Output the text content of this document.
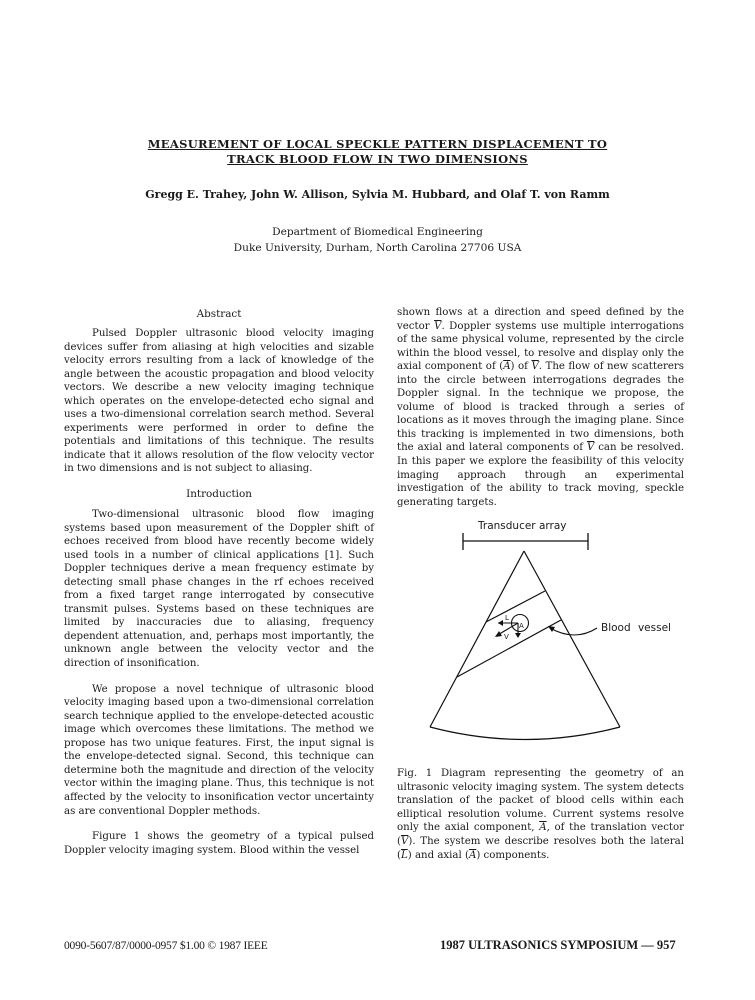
MEASUREMENT OF LOCAL SPECKLE PATTERN DISPLACEMENT TO
TRACK BLOOD FLOW IN TWO DIMENSIONS
Gregg E. Trahey, John W. Allison, Sylvia M. Hubbard, and Olaf T. von Ramm
Department of Biomedical Engineering
Duke University, Durham, North Carolina 27706 USA
Abstract
Pulsed Doppler ultrasonic blood velocity imaging devices suffer from aliasing at high velocities and sizable velocity errors resulting from a lack of knowledge of the angle between the acoustic propagation and blood velocity vectors. We describe a new velocity imaging technique which operates on the envelope-detected echo signal and uses a two-dimensional correlation search method. Several experiments were performed in order to define the potentials and limitations of this technique. The results indicate that it allows resolution of the flow velocity vector in two dimensions and is not subject to aliasing.
Introduction
Two-dimensional ultrasonic blood flow imaging systems based upon measurement of the Doppler shift of echoes received from blood have recently become widely used tools in a number of clinical applications [1]. Such Doppler techniques derive a mean frequency estimate by detecting small phase changes in the rf echoes received from a fixed target range interrogated by consecutive transmit pulses. Systems based on these techniques are limited by inaccuracies due to aliasing, frequency dependent attenuation, and, perhaps most importantly, the unknown angle between the velocity vector and the direction of insonification.
We propose a novel technique of ultrasonic blood velocity imaging based upon a two-dimensional correlation search technique applied to the envelope-detected acoustic image which overcomes these limitations. The method we propose has two unique features. First, the input signal is the envelope-detected signal. Second, this technique can determine both the magnitude and direction of the velocity vector within the imaging plane. Thus, this technique is not affected by the velocity to insonification vector uncertainty as are conventional Doppler methods.
Figure 1 shows the geometry of a typical pulsed Doppler velocity imaging system. Blood within the vessel
shown flows at a direction and speed defined by the vector $\overline{V}$. Doppler systems use multiple interrogations of the same physical volume, represented by the circle within the blood vessel, to resolve and display only the axial component of $(\overline{A})$ of $\overline{V}$. The flow of new scatterers into the circle between interrogations degrades the Doppler signal. In the technique we propose, the volume of blood is tracked through a series of locations as it moves through the imaging plane. Since this tracking is implemented in two dimensions, both the axial and lateral components of $\overline{V}$ can be resolved. In this paper we explore the feasibility of this velocity imaging approach through an experimental investigation of the ability to track moving, speckle generating targets.
Transducer array
Blood vessel
L
A
V
Fig. 1 Diagram representing the geometry of an ultrasonic velocity imaging system. The system detects translation of the packet of blood cells within each elliptical resolution volume. Current systems resolve only the axial component, $\overline{A}$, of the translation vector $(\overline{V})$. The system we describe resolves both the lateral $(\overline{L})$ and axial $(\overline{A})$ components.
0090-5607/87/0000-0957 $1.00 © 1987 IEEE	1987 ULTRASONICS SYMPOSIUM — 957
